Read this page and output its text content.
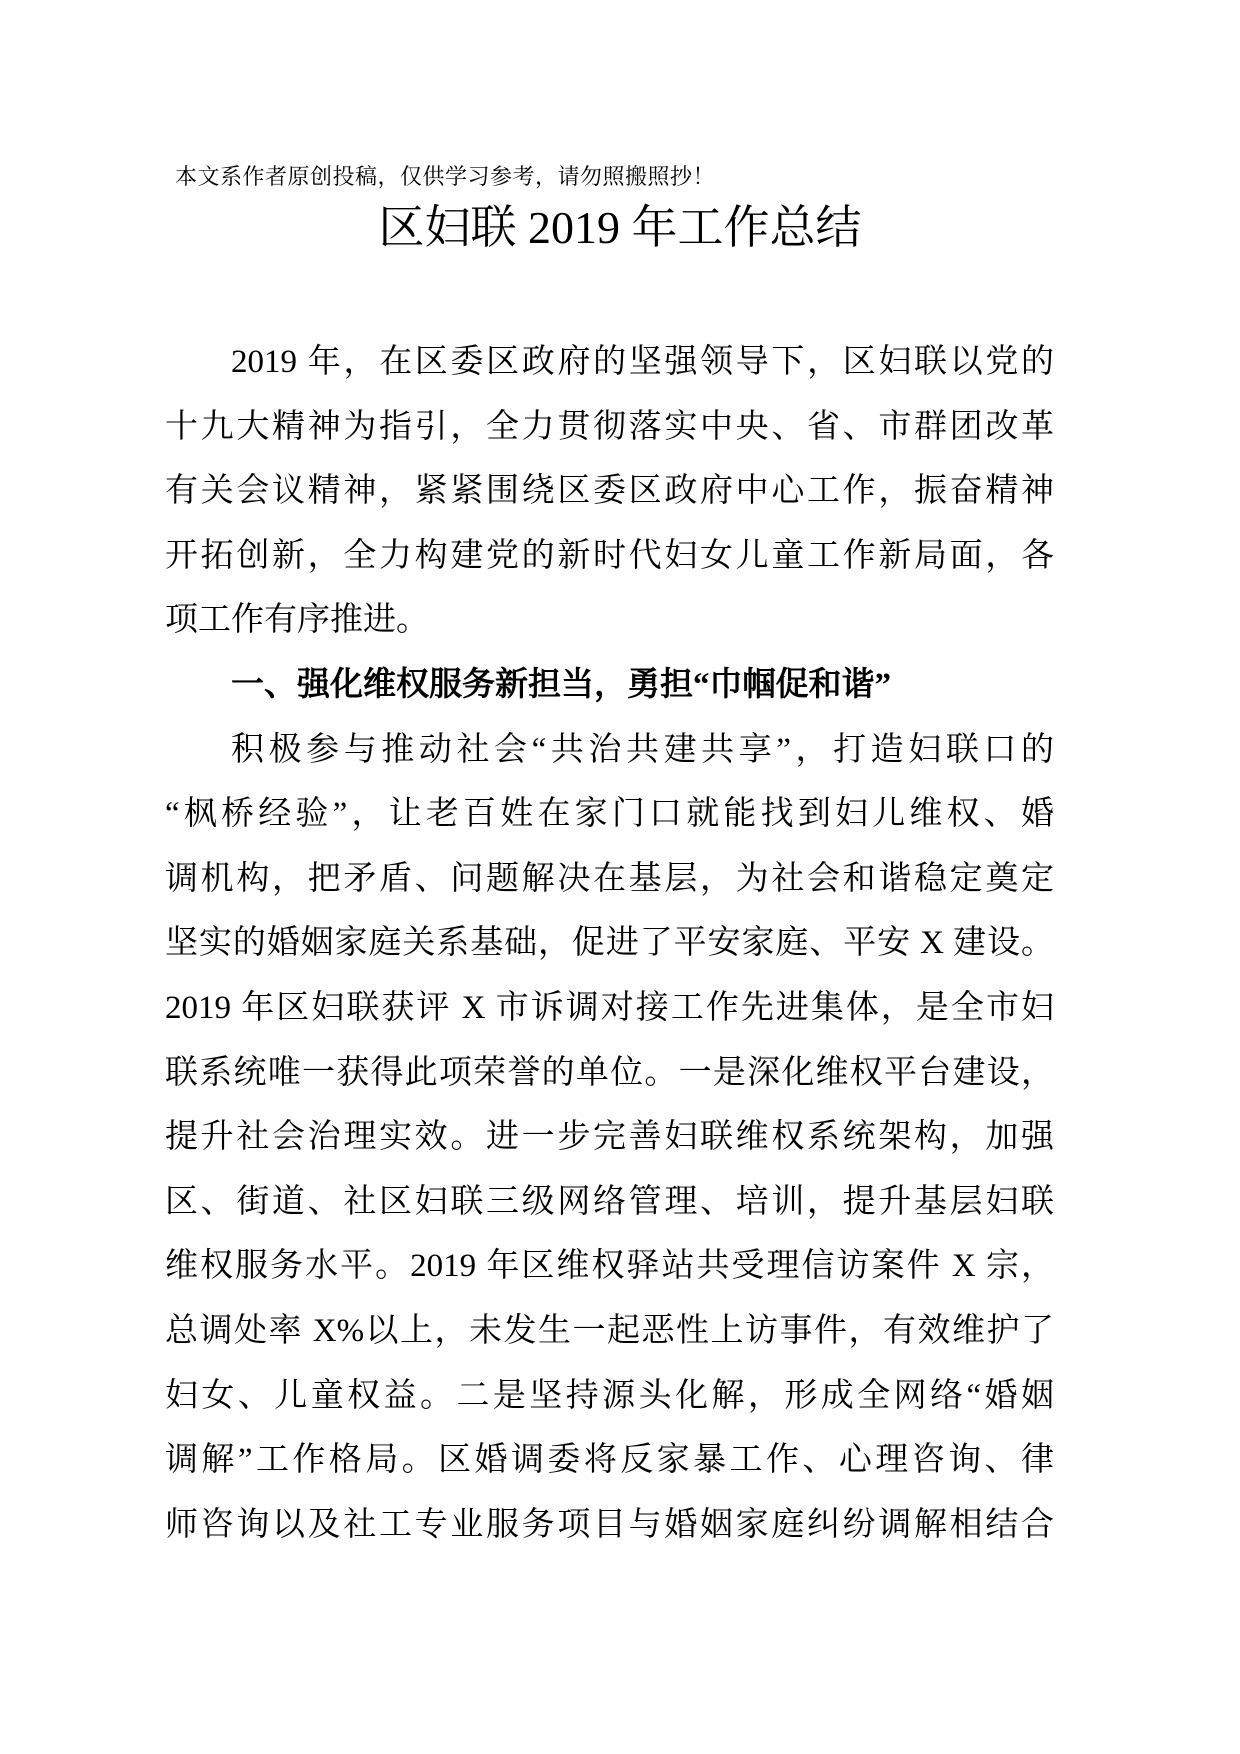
本文系作者原创投稿，仅供学习参考，请勿照搬照抄！
区妇联 2019 年工作总结
2019 年，在区委区政府的坚强领导下，区妇联以党的
十九大精神为指引，全力贯彻落实中央、省、市群团改革
有关会议精神，紧紧围绕区委区政府中心工作，振奋精神
开拓创新，全力构建党的新时代妇女儿童工作新局面，各
项工作有序推进。
一、强化维权服务新担当，勇担“巾帼促和谐”
积极参与推动社会“共治共建共享”，打造妇联口的
“枫桥经验”，让老百姓在家门口就能找到妇儿维权、婚
调机构，把矛盾、问题解决在基层，为社会和谐稳定奠定
坚实的婚姻家庭关系基础，促进了平安家庭、平安 X 建设。
2019 年区妇联获评 X 市诉调对接工作先进集体，是全市妇
联系统唯一获得此项荣誉的单位。一是深化维权平台建设，
提升社会治理实效。进一步完善妇联维权系统架构，加强
区、街道、社区妇联三级网络管理、培训，提升基层妇联
维权服务水平。2019 年区维权驿站共受理信访案件 X 宗，
总调处率 X%以上，未发生一起恶性上访事件，有效维护了
妇女、儿童权益。二是坚持源头化解，形成全网络“婚姻
调解”工作格局。区婚调委将反家暴工作、心理咨询、律
师咨询以及社工专业服务项目与婚姻家庭纠纷调解相结合
